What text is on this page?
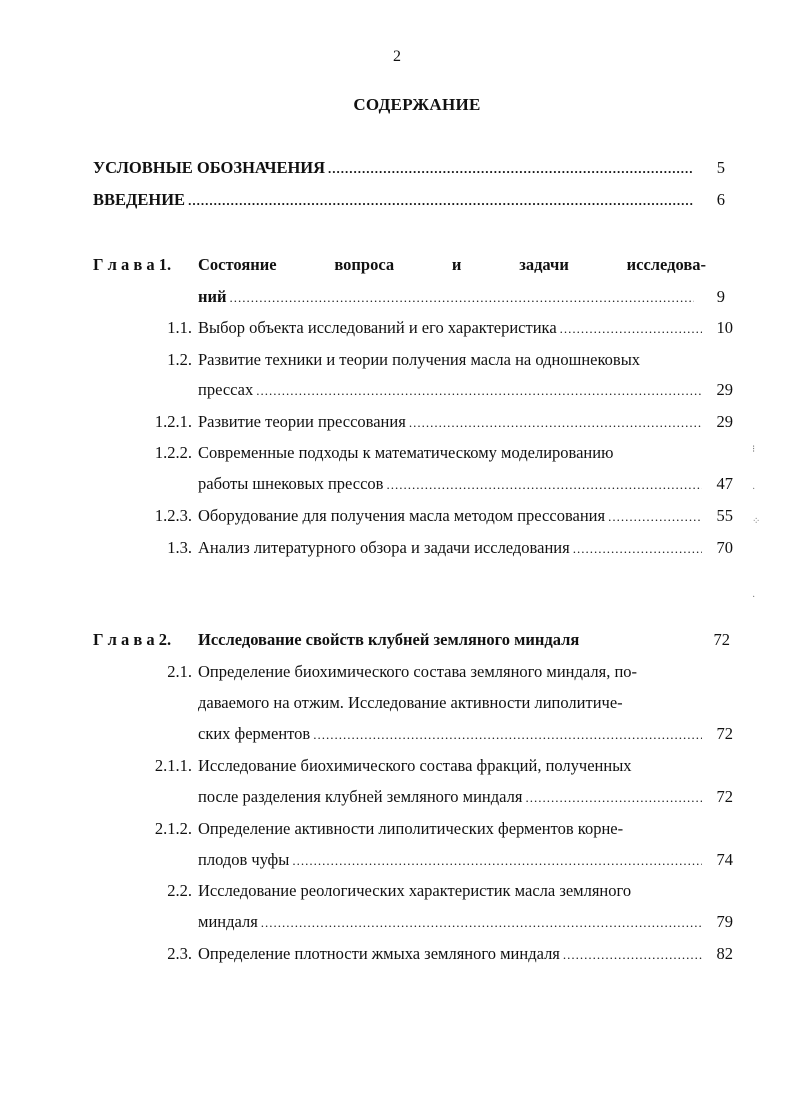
2
СОДЕРЖАНИЕ
УСЛОВНЫЕ ОБОЗНАЧЕНИЯ .....	5
ВВЕДЕНИЕ .....	6
Г л а в а 1. Состояние	вопроса	и	задачи	исследова-
ний .....	9
1.1. Выбор объекта исследований и его характеристика .....	10
1.2. Развитие техники и теории получения масла на одношнековых
прессах .....	29
1.2.1. Развитие теории прессования .....	29
1.2.2. Современные подходы к математическому моделированию
работы шнековых прессов .....	47
1.2.3. Оборудование для получения масла методом прессования .....	55
1.3. Анализ литературного обзора и задачи исследования .....	70
Г л а в а 2. Исследование свойств клубней земляного миндаля	72
2.1. Определение биохимического состава земляного миндаля, по-
даваемого на отжим. Исследование активности липолитиче-
ских ферментов .....	72
2.1.1. Исследование биохимического состава фракций, полученных
после разделения клубней земляного миндаля .....	72
2.1.2. Определение активности липолитических ферментов корне-
плодов чуфы .....	74
2.2. Исследование реологических характеристик масла земляного
миндаля .....	79
2.3. Определение плотности жмыха земляного миндаля .....	82
⁝
·
⁘
·
